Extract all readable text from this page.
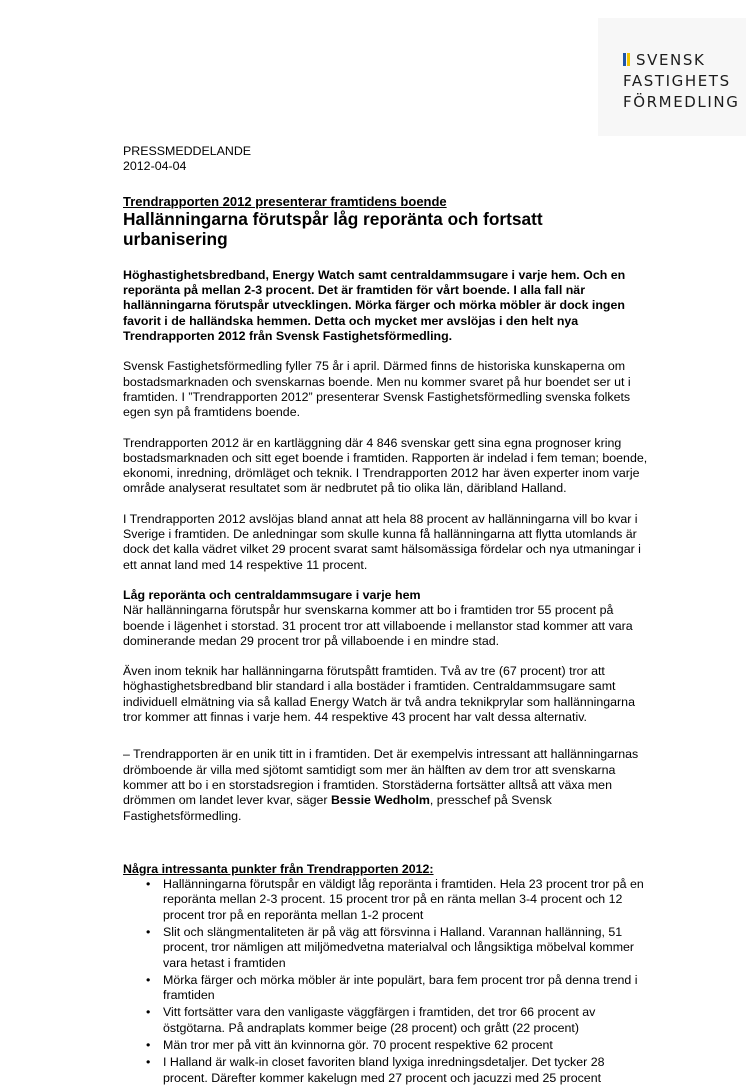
SVENSK
FASTIGHETS
FÖRMEDLING

PRESSMEDDELANDE

2012-04-04

Trendrapporten 2012 presenterar framtidens boende

Hallänningarna förutspår låg reporänta och fortsatt urbanisering

Höghastighetsbredband, Energy Watch samt centraldammsugare i varje hem. Och en reporänta på mellan 2-3 procent. Det är framtiden för vårt boende. I alla fall när hallänningarna förutspår utvecklingen. Mörka färger och mörka möbler är dock ingen favorit i de halländska hemmen. Detta och mycket mer avslöjas i den helt nya Trendrapporten 2012 från Svensk Fastighetsförmedling.

Svensk Fastighetsförmedling fyller 75 år i april. Därmed finns de historiska kunskaperna om bostadsmarknaden och svenskarnas boende. Men nu kommer svaret på hur boendet ser ut i framtiden. I ”Trendrapporten 2012” presenterar Svensk Fastighetsförmedling svenska folkets egen syn på framtidens boende.

Trendrapporten 2012 är en kartläggning där 4 846 svenskar gett sina egna prognoser kring bostadsmarknaden och sitt eget boende i framtiden. Rapporten är indelad i fem teman; boende, ekonomi, inredning, drömläget och teknik. I Trendrapporten 2012 har även experter inom varje område analyserat resultatet som är nedbrutet på tio olika län, däribland Halland.

I Trendrapporten 2012 avslöjas bland annat att hela 88 procent av hallänningarna vill bo kvar i Sverige i framtiden. De anledningar som skulle kunna få hallänningarna att flytta utomlands är dock det kalla vädret vilket 29 procent svarat samt hälsomässiga fördelar och nya utmaningar i ett annat land med 14 respektive 11 procent.

Låg reporänta och centraldammsugare i varje hem

När hallänningarna förutspår hur svenskarna kommer att bo i framtiden tror 55 procent på boende i lägenhet i storstad. 31 procent tror att villaboende i mellanstor stad kommer att vara dominerande medan 29 procent tror på villaboende i en mindre stad.

Även inom teknik har hallänningarna förutspått framtiden. Två av tre (67 procent) tror att höghastighetsbredband blir standard i alla bostäder i framtiden. Centraldammsugare samt individuell elmätning via så kallad Energy Watch är två andra teknikprylar som hallänningarna tror kommer att finnas i varje hem. 44 respektive 43 procent har valt dessa alternativ.

– Trendrapporten är en unik titt in i framtiden. Det är exempelvis intressant att hallänningarnas drömboende är villa med sjötomt samtidigt som mer än hälften av dem tror att svenskarna kommer att bo i en storstadsregion i framtiden. Storstäderna fortsätter alltså att växa men drömmen om landet lever kvar, säger Bessie Wedholm, presschef på Svensk Fastighetsförmedling.

Några intressanta punkter från Trendrapporten 2012:

• Hallänningarna förutspår en väldigt låg reporänta i framtiden. Hela 23 procent tror på en reporänta mellan 2-3 procent. 15 procent tror på en ränta mellan 3-4 procent och 12 procent tror på en reporänta mellan 1-2 procent
• Slit och slängmentaliteten är på väg att försvinna i Halland. Varannan hallänning, 51 procent, tror nämligen att miljömedvetna materialval och långsiktiga möbelval kommer vara hetast i framtiden
• Mörka färger och mörka möbler är inte populärt, bara fem procent tror på denna trend i framtiden
• Vitt fortsätter vara den vanligaste väggfärgen i framtiden, det tror 66 procent av östgötarna. På andraplats kommer beige (28 procent) och grått (22 procent)
• Män tror mer på vitt än kvinnorna gör. 70 procent respektive 62 procent
• I Halland är walk-in closet favoriten bland lyxiga inredningsdetaljer. Det tycker 28 procent. Därefter kommer kakelugn med 27 procent och jacuzzi med 25 procent
